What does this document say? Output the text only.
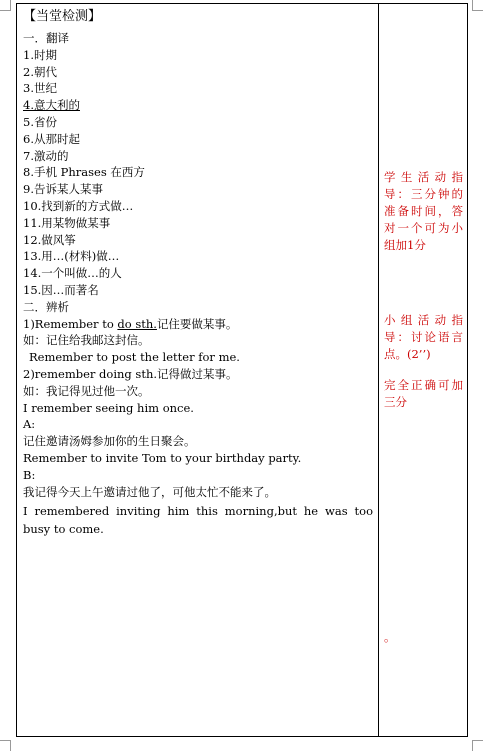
【当堂检测】
一．翻译
1.时期
2.朝代
3.世纪
4.意大利的
5.省份
6.从那时起
7.激动的
8.手机 Phrases 在西方
9.告诉某人某事
10.找到新的方式做…
11.用某物做某事
12.做风筝
13.用…(材料)做…
14.一个叫做…的人
15.因…而著名
二．辨析
1)Remember to do sth.记住要做某事。
如：记住给我邮这封信。
Remember to post the letter for me.
2)remember doing sth.记得做过某事。
如：我记得见过他一次。
I remember seeing him once.
A:
记住邀请汤姆参加你的生日聚会。
Remember to invite Tom to your birthday party.
B:
我记得今天上午邀请过他了，可他太忙不能来了。
I remembered inviting him this morning,but he was too busy to come.

学生活动指导：三分钟的准备时间，答对一个可为小组加1分
小组活动指导：讨论语言点。(2’’)
完全正确可加三分
。
